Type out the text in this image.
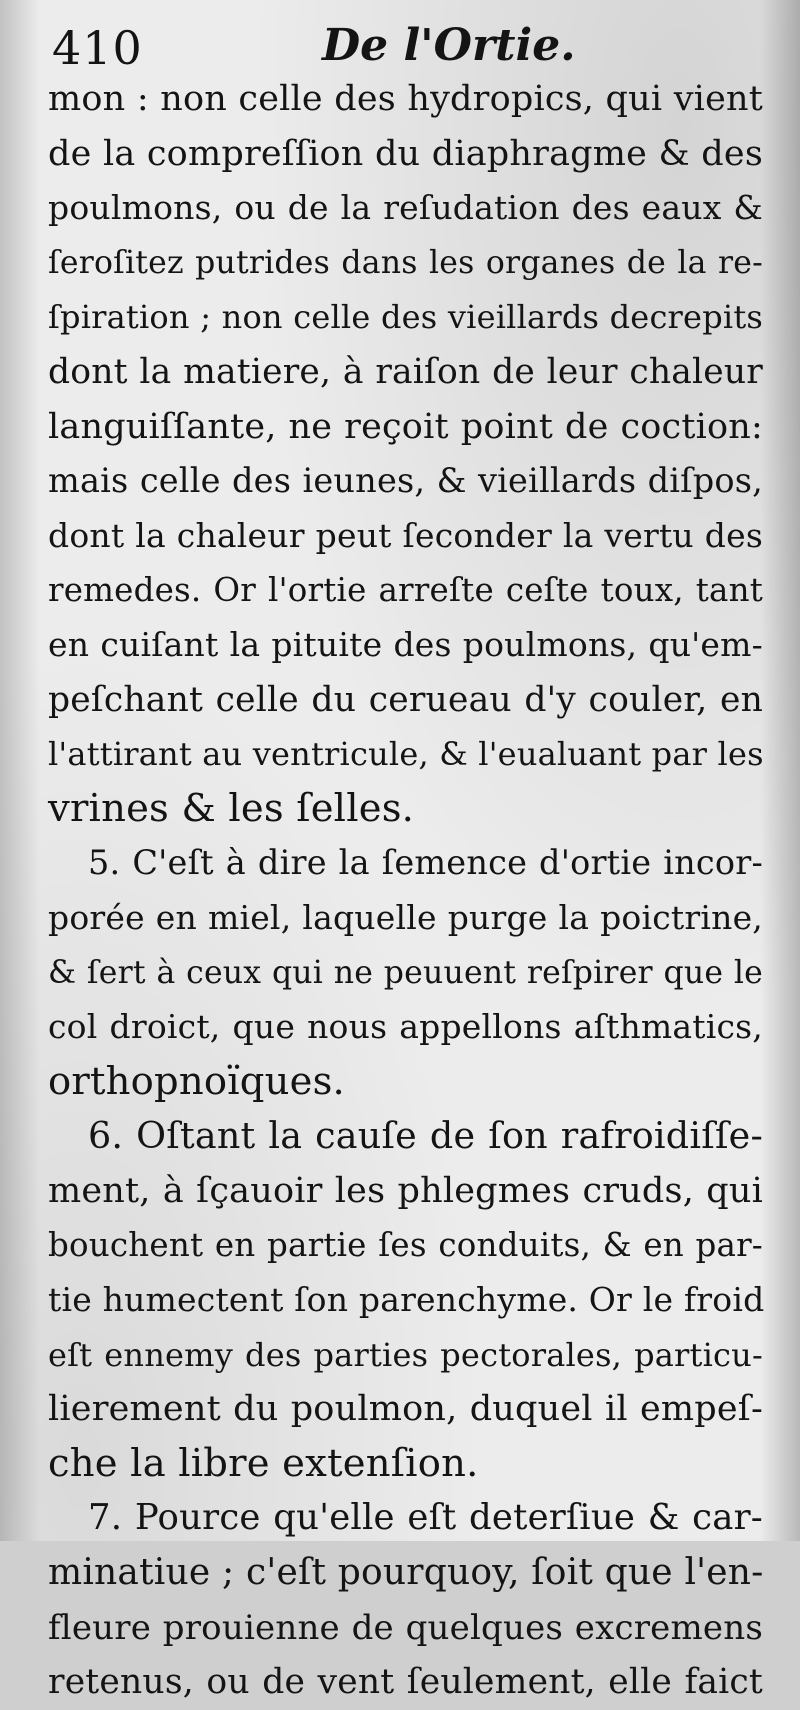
410	De l'Ortie.
mon : non celle des hydropics, qui vient
de la compreſſion du diaphragme & des
poulmons, ou de la reſudation des eaux &
ſeroſitez putrides dans les organes de la re-
ſpiration ; non celle des vieillards decrepits
dont la matiere, à raiſon de leur chaleur
languiſſante, ne reçoit point de coction:
mais celle des ieunes, & vieillards diſpos,
dont la chaleur peut ſeconder la vertu des
remedes. Or l'ortie arreſte ceſte toux, tant
en cuiſant la pituite des poulmons, qu'em-
peſchant celle du cerueau d'y couler, en
l'attirant au ventricule, & l'eualuant par les
vrines & les ſelles.
5. C'eſt à dire la ſemence d'ortie incor-
porée en miel, laquelle purge la poictrine,
& ſert à ceux qui ne peuuent reſpirer que le
col droict, que nous appellons aſthmatics,
orthopnoïques.
6. Oſtant la cauſe de ſon rafroidiſſe-
ment, à ſçauoir les phlegmes cruds, qui
bouchent en partie ſes conduits, & en par-
tie humectent ſon parenchyme. Or le froid
eſt ennemy des parties pectorales, particu-
lierement du poulmon, duquel il empeſ-
che la libre extenſion.
7. Pource qu'elle eſt deterſiue & car-
minatiue ; c'eſt pourquoy, ſoit que l'en-
fleure prouienne de quelques excremens
retenus, ou de vent ſeulement, elle faict
